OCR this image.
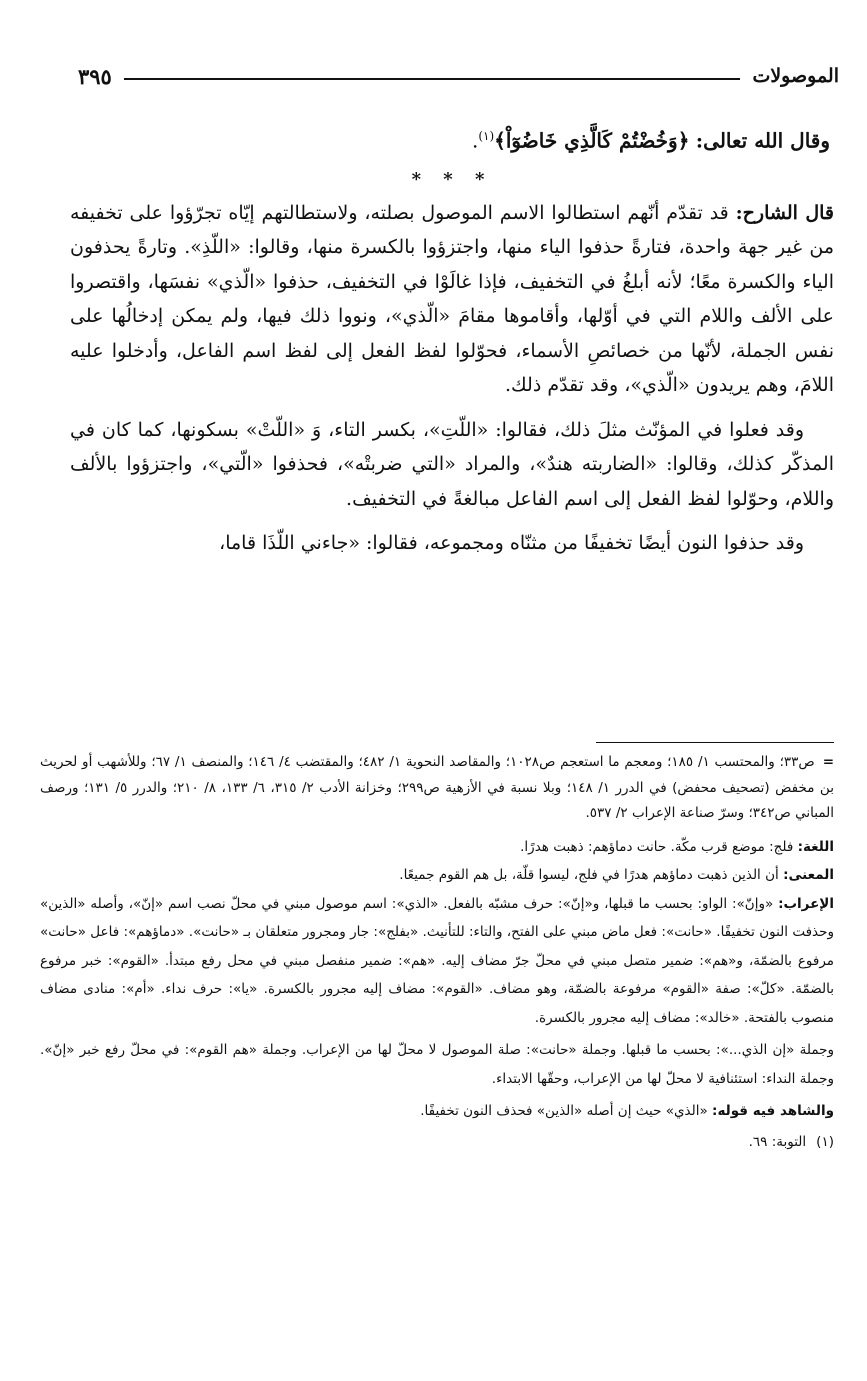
الموصولات
٣٩٥
وقال الله تعالى: ﴿وَخُضْتُمْ كَالَّذِي خَاضُوٓاْ﴾$^{(١)}$.
* * *

قال الشارح: قد تقدّم أنّهم استطالوا الاسم الموصول بصلته، ولاستطالتهم إيّاه تجرّؤوا على تخفيفه من غير جهة واحدة، فتارةً حذفوا الياء منها، واجتزؤوا بالكسرة منها، وقالوا: «اللّذِ». وتارةً يحذفون الياء والكسرة معًا؛ لأنه أبلغُ في التخفيف، فإذا غالَوْا في التخفيف، حذفوا «الّذي» نفسَها، واقتصروا على الألف واللام التي في أوّلها، وأقاموها مقامَ «الّذي»، ونووا ذلك فيها، ولم يمكن إدخالُها على نفس الجملة، لأنّها من خصائصِ الأسماء، فحوّلوا لفظ الفعل إلى لفظ اسم الفاعل، وأدخلوا عليه اللامَ، وهم يريدون «الّذي»، وقد تقدّم ذلك.

وقد فعلوا في المؤنّث مثلَ ذلك، فقالوا: «اللّتِ»، بكسر التاء، وَ «اللّتْ» بسكونها، كما كان في المذكّر كذلك، وقالوا: «الضاربته هندٌ»، والمراد «التي ضربتْه»، فحذفوا «الّتي»، واجتزؤوا بالألف واللام، وحوّلوا لفظ الفعل إلى اسم الفاعل مبالغةً في التخفيف.

وقد حذفوا النون أيضًا تخفيفًا من مثنّاه ومجموعه، فقالوا: «جاءني اللّذَا قاما،

=ص٣٣؛ والمحتسب ١/ ١٨٥؛ ومعجم ما استعجم ص١٠٢٨؛ والمقاصد النحوية ١/ ٤٨٢؛ والمقتضب ٤/ ١٤٦؛ والمنصف ١/ ٦٧؛ وللأشهب أو لحريث بن مخفض (تصحيف محفض) في الدرر ١/ ١٤٨؛ وبلا نسبة في الأزهية ص٢٩٩؛ وخزانة الأدب ٢/ ٣١٥، ٦/ ١٣٣، ٨/ ٢١٠؛ والدرر ٥/ ١٣١؛ ورصف المباني ص٣٤٢؛ وسرّ صناعة الإعراب ٢/ ٥٣٧.
اللغة: فلج: موضع قرب مكّة. حانت دماؤهم: ذهبت هدرًا.
المعنى: أن الذين ذهبت دماؤهم هدرًا في فلج، ليسوا قلّة، بل هم القوم جميعًا.
الإعراب: «وإنّ»: الواو: بحسب ما قبلها، و«إنّ»: حرف مشبّه بالفعل. «الذي»: اسم موصول مبني في محلّ نصب اسم «إنّ»، وأصله «الذين» وحذفت النون تخفيفًا. «حانت»: فعل ماض مبني على الفتح، والتاء: للتأنيث. «بفلج»: جار ومجرور متعلقان بـ «حانت». «دماؤهم»: فاعل «حانت» مرفوع بالضمّة، و«هم»: ضمير متصل مبني في محلّ جرّ مضاف إليه. «هم»: ضمير منفصل مبني في محل رفع مبتدأ. «القوم»: خبر مرفوع بالضمّة. «كلّ»: صفة «القوم» مرفوعة بالضمّة، وهو مضاف. «القوم»: مضاف إليه مجرور بالكسرة. «يا»: حرف نداء. «أم»: منادى مضاف منصوب بالفتحة. «خالد»: مضاف إليه مجرور بالكسرة.
وجملة «إن الذي...»: بحسب ما قبلها. وجملة «حانت»: صلة الموصول لا محلّ لها من الإعراب. وجملة «هم القوم»: في محلّ رفع خبر «إنّ». وجملة النداء: استئنافية لا محلّ لها من الإعراب، وحقّها الابتداء.
والشاهد فيه قوله: «الذي» حيث إن أصله «الذين» فحذف النون تخفيفًا.
(١)التوبة: ٦٩.
